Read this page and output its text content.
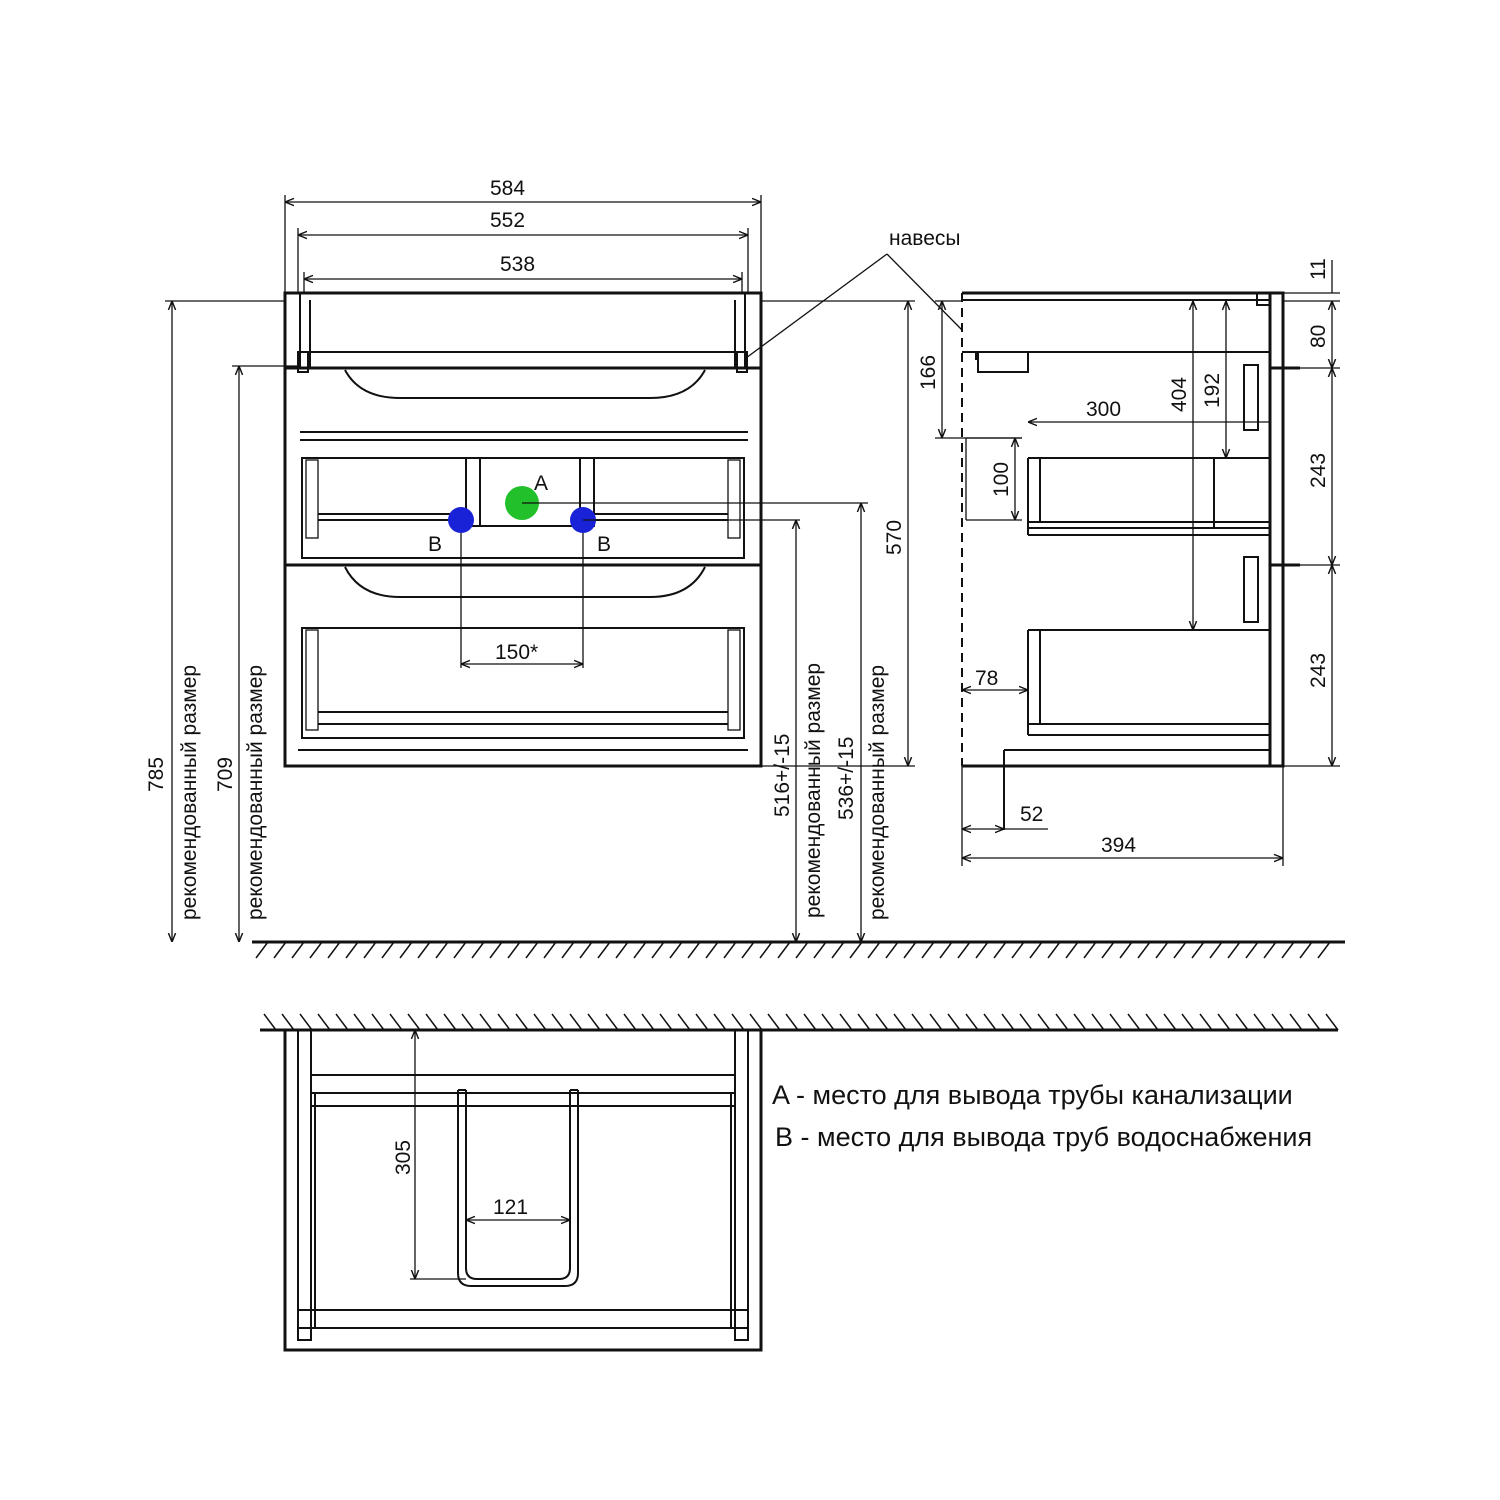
A
B	B
150*
584
552
538
785 рекомендованный размер 709 рекомендованный размер	516+/-15 рекомендованный размер 536+/-15 рекомендованный размер
570
навесы
11
80
243
243
166
100
404 192
300
78
52
394
305
121
A - место для вывода трубы канализации
B - место для вывода труб водоснабжения
